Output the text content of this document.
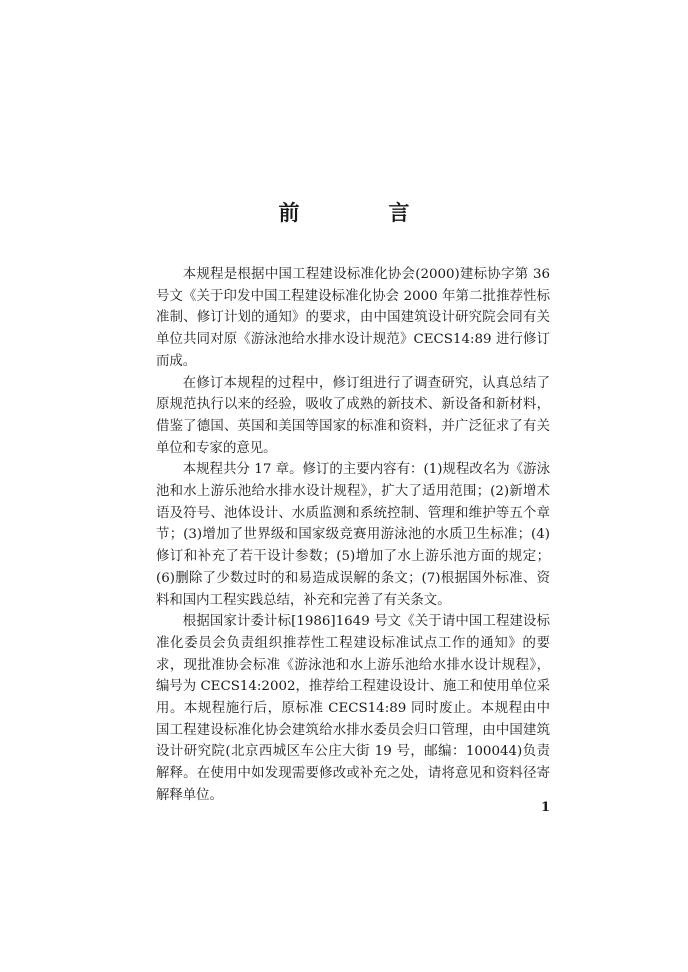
前　言

本规程是根据中国工程建设标准化协会(2000)建标协字第 36 号文《关于印发中国工程建设标准化协会 2000 年第二批推荐性标准制、修订计划的通知》的要求，由中国建筑设计研究院会同有关单位共同对原《游泳池给水排水设计规范》CECS14:89 进行修订而成。

在修订本规程的过程中，修订组进行了调查研究，认真总结了原规范执行以来的经验，吸收了成熟的新技术、新设备和新材料，借鉴了德国、英国和美国等国家的标准和资料，并广泛征求了有关单位和专家的意见。

本规程共分 17 章。修订的主要内容有：(1)规程改名为《游泳池和水上游乐池给水排水设计规程》，扩大了适用范围；(2)新增术语及符号、池体设计、水质监测和系统控制、管理和维护等五个章节；(3)增加了世界级和国家级竞赛用游泳池的水质卫生标准；(4)修订和补充了若干设计参数；(5)增加了水上游乐池方面的规定；(6)删除了少数过时的和易造成误解的条文；(7)根据国外标准、资料和国内工程实践总结，补充和完善了有关条文。

根据国家计委计标[1986]1649 号文《关于请中国工程建设标准化委员会负责组织推荐性工程建设标准试点工作的通知》的要求，现批准协会标准《游泳池和水上游乐池给水排水设计规程》，编号为 CECS14:2002，推荐给工程建设设计、施工和使用单位采用。本规程施行后，原标准 CECS14:89 同时废止。本规程由中国工程建设标准化协会建筑给水排水委员会归口管理，由中国建筑设计研究院(北京西城区车公庄大街 19 号，邮编：100044)负责解释。在使用中如发现需要修改或补充之处，请将意见和资料径寄解释单位。

1
